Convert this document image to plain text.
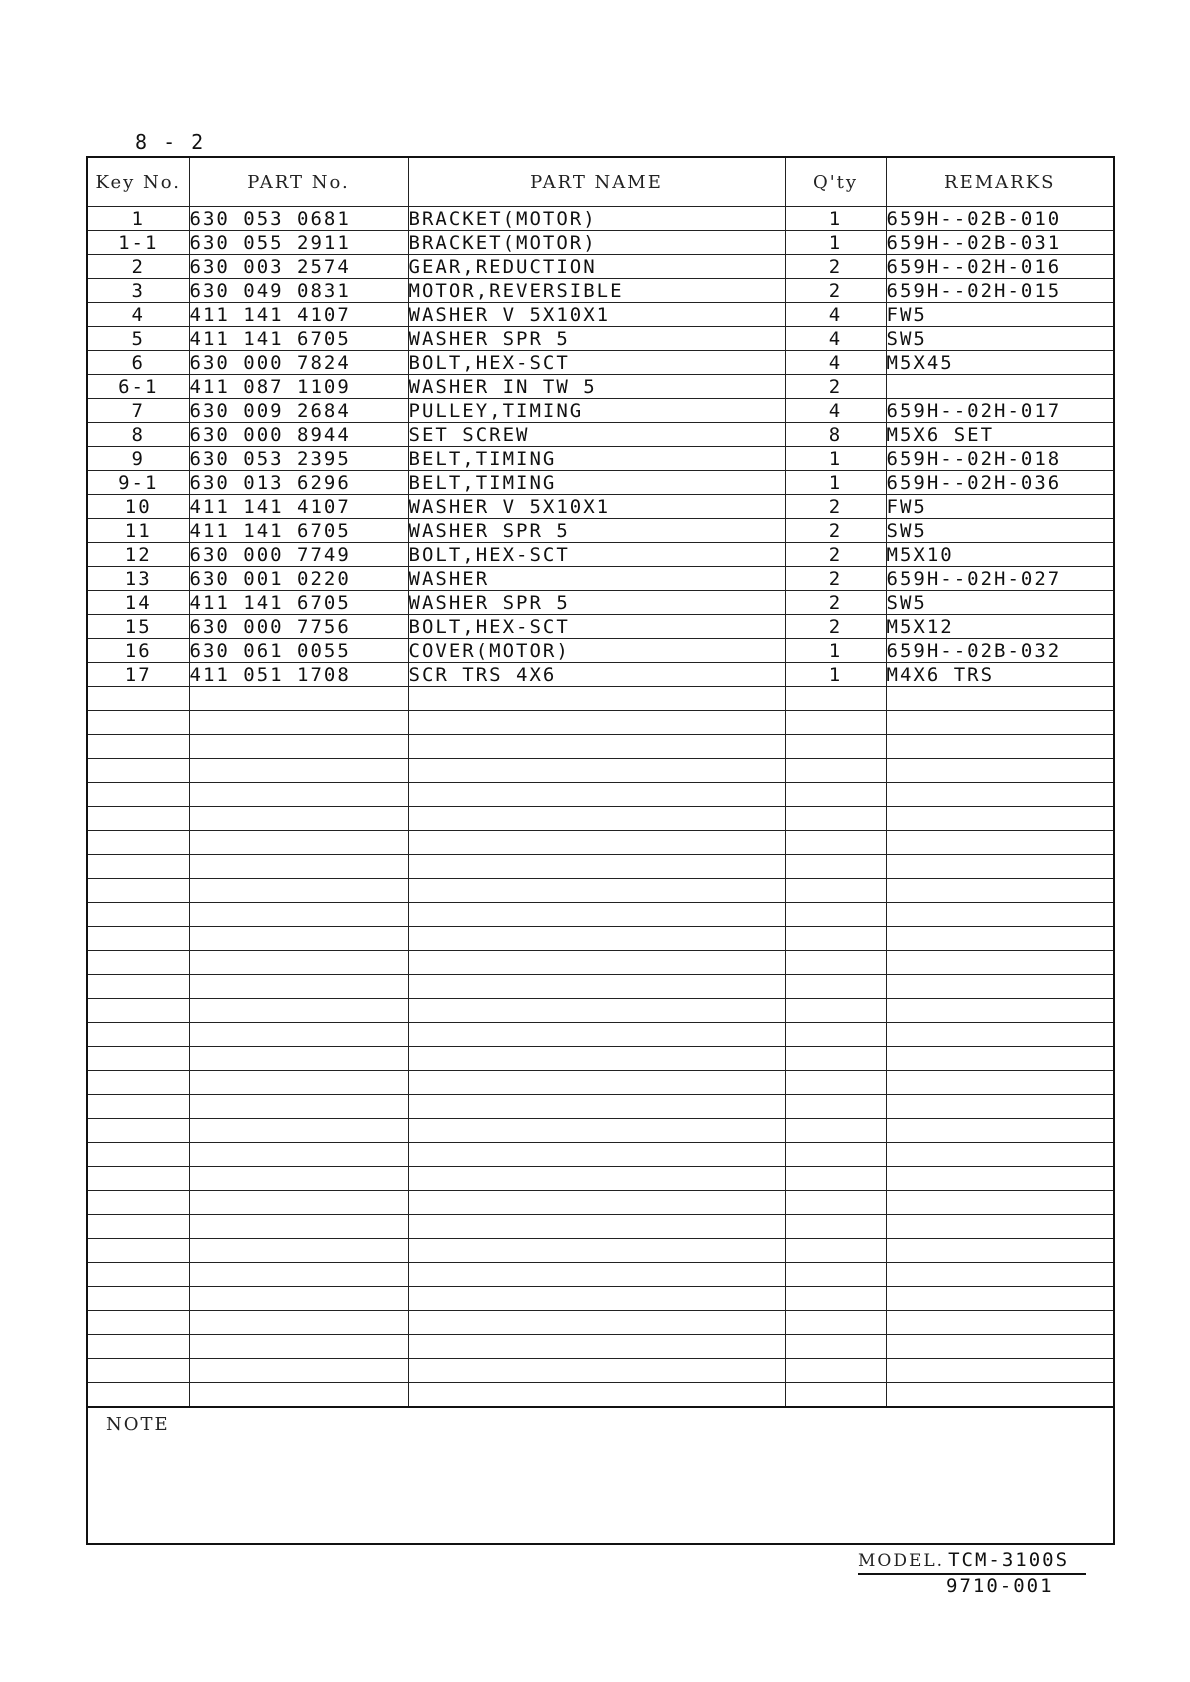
8 - 2
Key No.	PART No.	PART NAME	Q'ty	REMARKS
1	630 053 0681	BRACKET(MOTOR)	1	659H--02B-010
1-1	630 055 2911	BRACKET(MOTOR)	1	659H--02B-031
2	630 003 2574	GEAR,REDUCTION	2	659H--02H-016
3	630 049 0831	MOTOR,REVERSIBLE	2	659H--02H-015
4	411 141 4107	WASHER V 5X10X1	4	FW5
5	411 141 6705	WASHER SPR 5	4	SW5
6	630 000 7824	BOLT,HEX-SCT	4	M5X45
6-1	411 087 1109	WASHER IN TW 5	2	
7	630 009 2684	PULLEY,TIMING	4	659H--02H-017
8	630 000 8944	SET SCREW	8	M5X6 SET
9	630 053 2395	BELT,TIMING	1	659H--02H-018
9-1	630 013 6296	BELT,TIMING	1	659H--02H-036
10	411 141 4107	WASHER V 5X10X1	2	FW5
11	411 141 6705	WASHER SPR 5	2	SW5
12	630 000 7749	BOLT,HEX-SCT	2	M5X10
13	630 001 0220	WASHER	2	659H--02H-027
14	411 141 6705	WASHER SPR 5	2	SW5
15	630 000 7756	BOLT,HEX-SCT	2	M5X12
16	630 061 0055	COVER(MOTOR)	1	659H--02B-032
17	411 051 1708	SCR TRS 4X6	1	M4X6 TRS

NOTE
MODEL. TCM-3100S
9710-001
